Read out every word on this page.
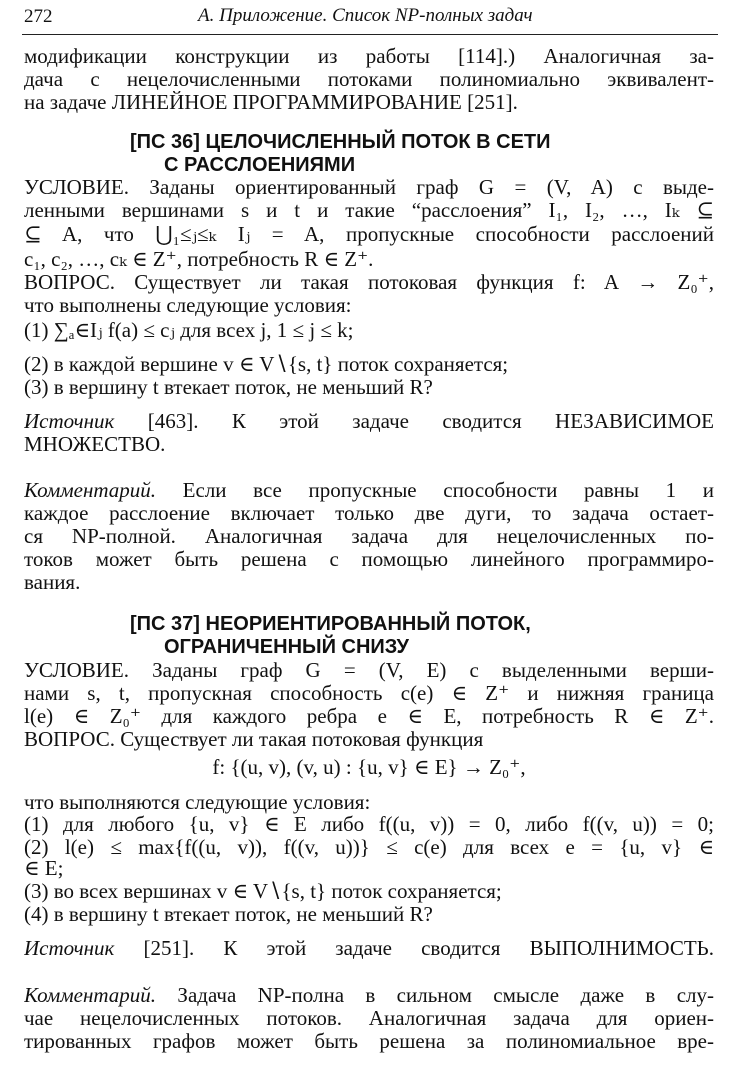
272	А. Приложение. Список NP-полных задач
модификации конструкции из работы [114].) Аналогичная за-
дача с нецелочисленными потоками полиномиально эквивалент-
на задаче ЛИНЕЙНОЕ ПРОГРАММИРОВАНИЕ [251].
[ПС 36] ЦЕЛОЧИСЛЕННЫЙ ПОТОК В СЕТИ
С РАССЛОЕНИЯМИ
УСЛОВИЕ. Заданы ориентированный граф G = (V, A) с выде-
ленными вершинами s и t и такие “расслоения” I₁, I₂, …, Iₖ ⊆
⊆ A, что ⋃₁≤ⱼ≤ₖ Iⱼ = A, пропускные способности расслоений
c₁, c₂, …, cₖ ∈ Z⁺, потребность R ∈ Z⁺.
ВОПРОС. Существует ли такая потоковая функция f: A → Z₀⁺,
что выполнены следующие условия:
(1) ∑ₐ∈Iⱼ f(a) ≤ cⱼ для всех j, 1 ≤ j ≤ k;
(2) в каждой вершине v ∈ V∖{s, t} поток сохраняется;
(3) в вершину t втекает поток, не меньший R?
Источник [463]. К этой задаче сводится НЕЗАВИСИМОЕ
МНОЖЕСТВО.
Комментарий. Если все пропускные способности равны 1 и
каждое расслоение включает только две дуги, то задача остает-
ся NP-полной. Аналогичная задача для нецелочисленных по-
токов может быть решена с помощью линейного программиро-
вания.
[ПС 37] НЕОРИЕНТИРОВАННЫЙ ПОТОК,
ОГРАНИЧЕННЫЙ СНИЗУ
УСЛОВИЕ. Заданы граф G = (V, E) с выделенными верши-
нами s, t, пропускная способность c(e) ∈ Z⁺ и нижняя граница
l(e) ∈ Z₀⁺ для каждого ребра e ∈ E, потребность R ∈ Z⁺.
ВОПРОС. Существует ли такая потоковая функция
f: {(u, v), (v, u) : {u, v} ∈ E} → Z₀⁺,
что выполняются следующие условия:
(1) для любого {u, v} ∈ E либо f((u, v)) = 0, либо f((v, u)) = 0;
(2) l(e) ≤ max{f((u, v)), f((v, u))} ≤ c(e) для всех e = {u, v} ∈
∈ E;
(3) во всех вершинах v ∈ V∖{s, t} поток сохраняется;
(4) в вершину t втекает поток, не меньший R?
Источник [251]. К этой задаче сводится ВЫПОЛНИМОСТЬ.
Комментарий. Задача NP-полна в сильном смысле даже в слу-
чае нецелочисленных потоков. Аналогичная задача для ориен-
тированных графов может быть решена за полиномиальное вре-
